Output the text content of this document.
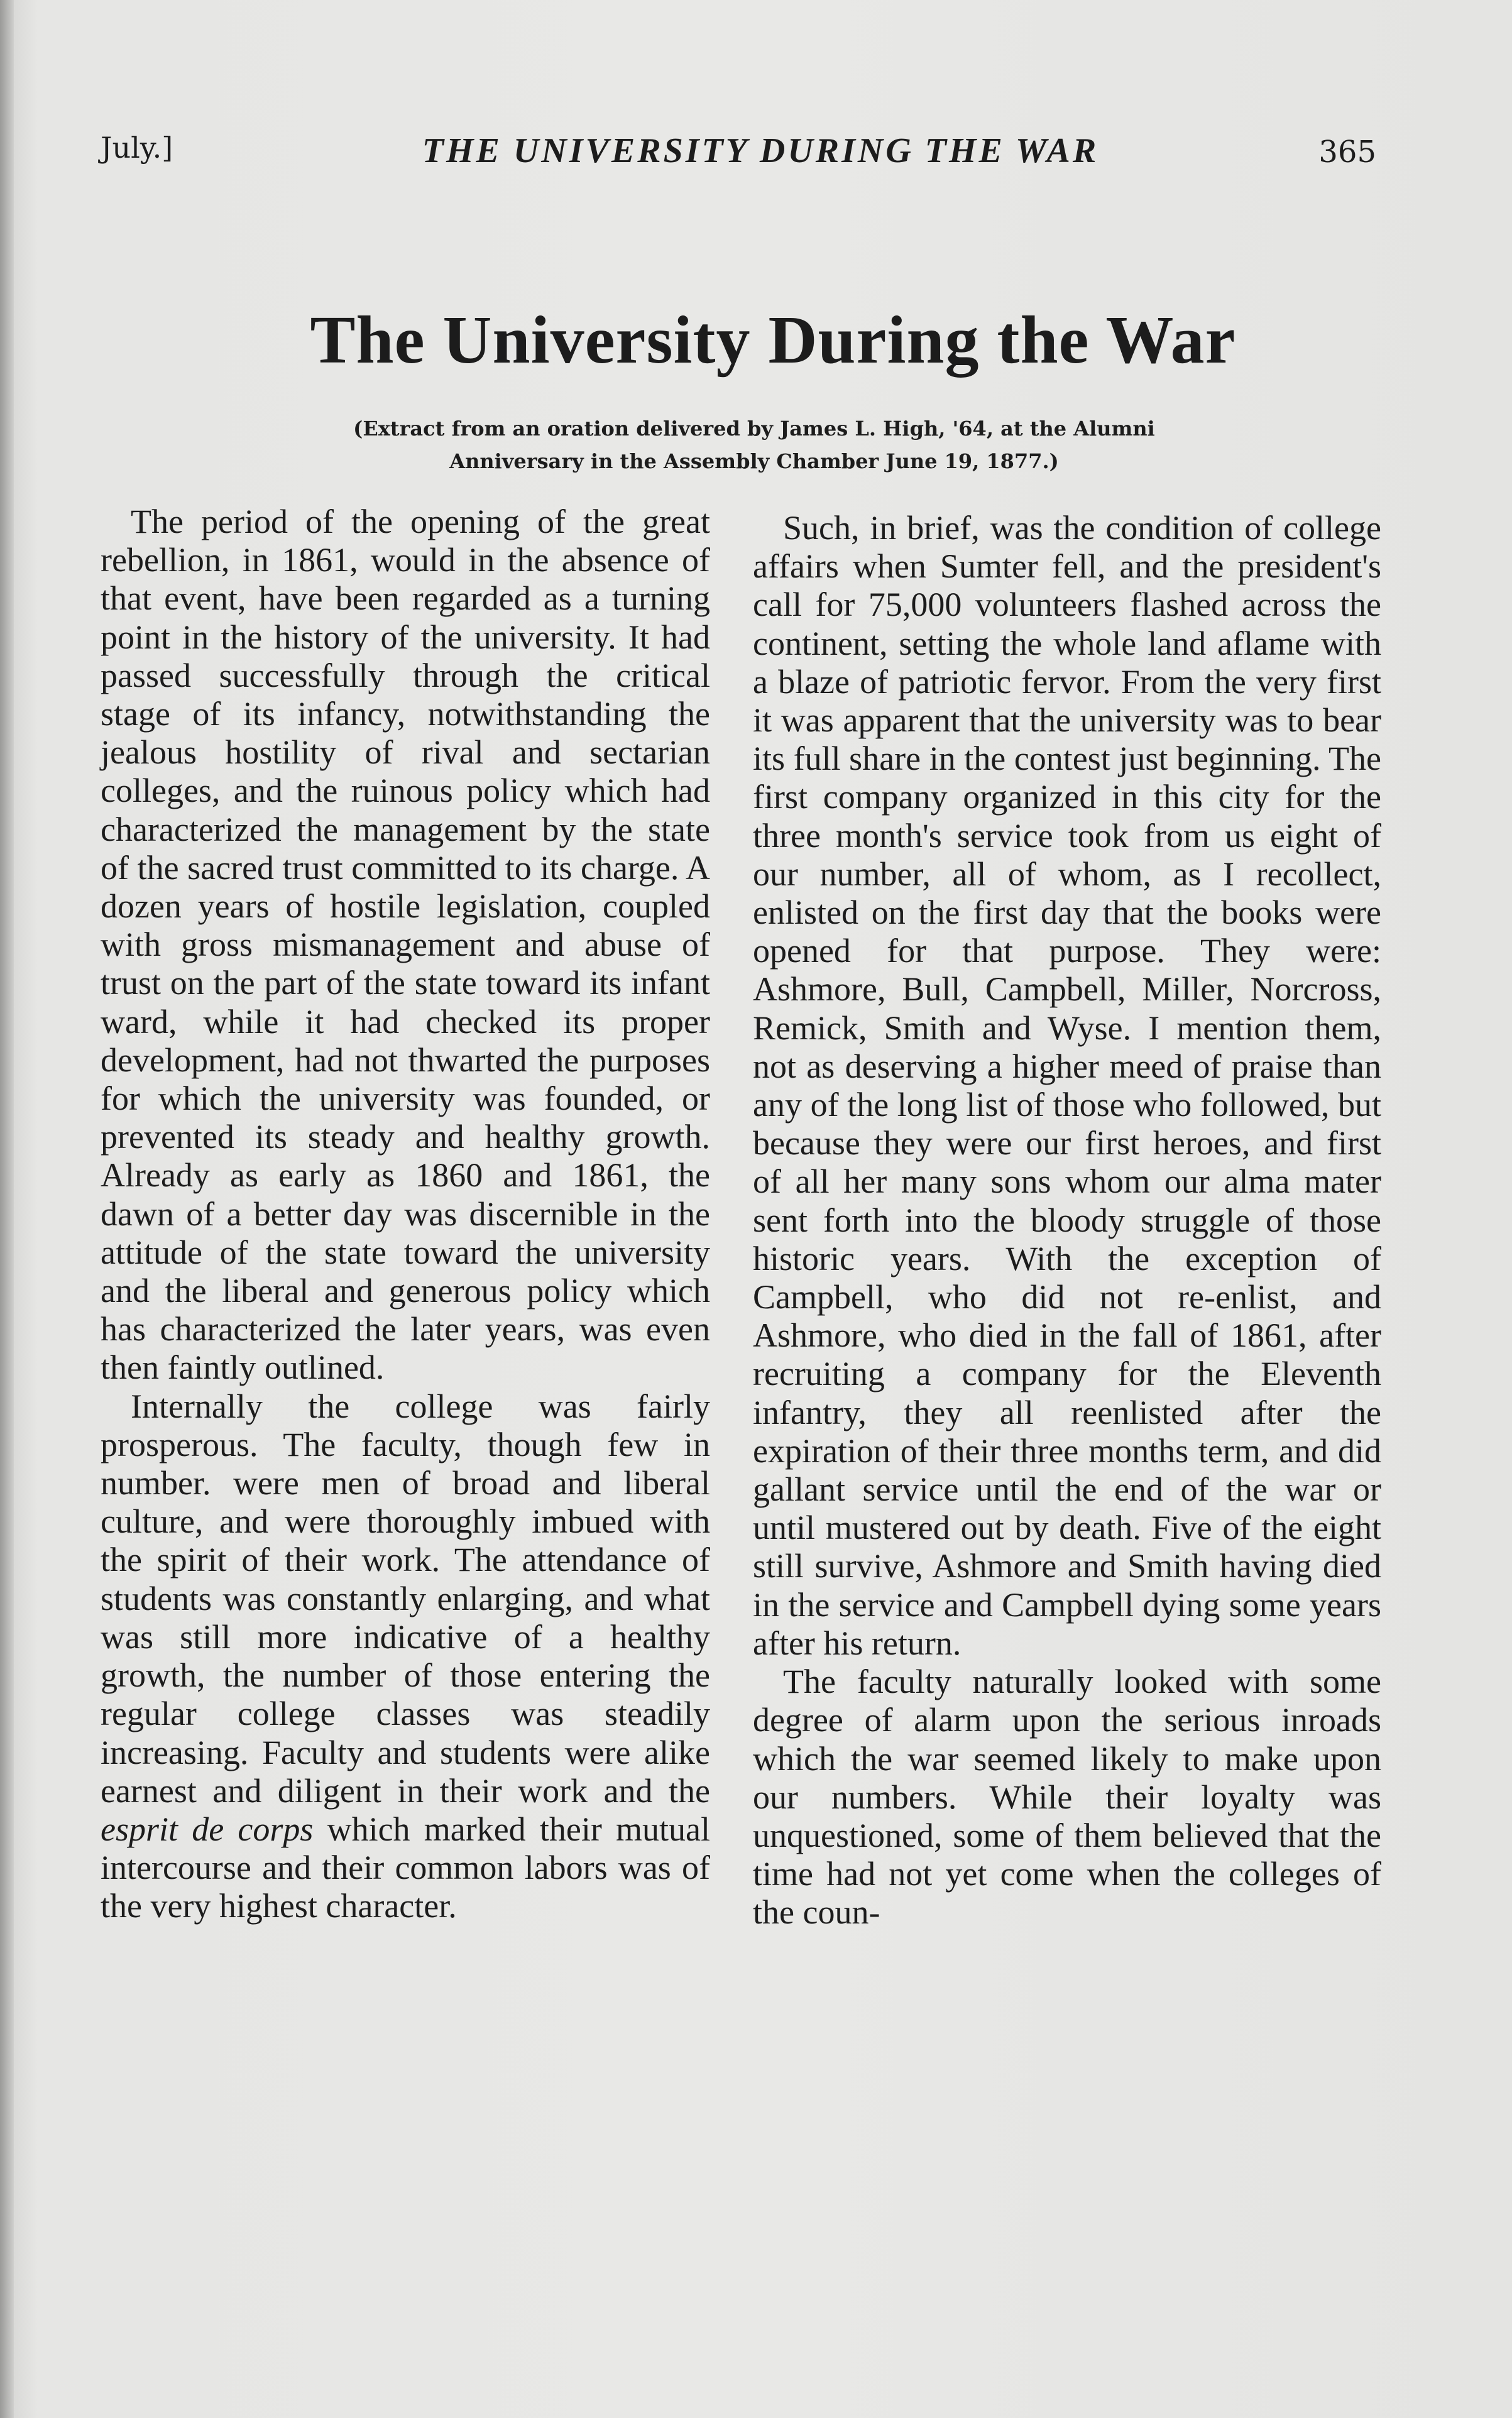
July.]	THE UNIVERSITY DURING THE WAR	365
The University During the War
(Extract from an oration delivered by James L. High, '64, at the Alumni
Anniversary in the Assembly Chamber June 19, 1877.)

The period of the opening of the great rebellion, in 1861, would in the absence of that event, have been regarded as a turning point in the history of the university. It had passed successfully through the critical stage of its infancy, notwithstanding the jealous hostility of rival and sectarian colleges, and the ruinous policy which had characterized the management by the state of the sacred trust committed to its charge. A dozen years of hostile legislation, coupled with gross mismanagement and abuse of trust on the part of the state toward its infant ward, while it had checked its proper development, had not thwarted the purposes for which the university was founded, or prevented its steady and healthy growth. Already as early as 1860 and 1861, the dawn of a better day was discernible in the attitude of the state toward the university and the liberal and generous policy which has characterized the later years, was even then faintly outlined.

Internally the college was fairly prosperous. The faculty, though few in number. were men of broad and liberal culture, and were thoroughly imbued with the spirit of their work. The attendance of students was constantly enlarging, and what was still more indicative of a healthy growth, the number of those entering the regular college classes was steadily increasing. Faculty and students were alike earnest and diligent in their work and the esprit de corps which marked their mutual intercourse and their common labors was of the very highest character.

Such, in brief, was the condition of college affairs when Sumter fell, and the president's call for 75,000 volunteers flashed across the continent, setting the whole land aflame with a blaze of patriotic fervor. From the very first it was apparent that the university was to bear its full share in the contest just beginning. The first company organized in this city for the three month's service took from us eight of our number, all of whom, as I recollect, enlisted on the first day that the books were opened for that purpose. They were: Ashmore, Bull, Campbell, Miller, Norcross, Remick, Smith and Wyse. I mention them, not as deserving a higher meed of praise than any of the long list of those who followed, but because they were our first heroes, and first of all her many sons whom our alma mater sent forth into the bloody struggle of those historic years. With the exception of Campbell, who did not re-enlist, and Ashmore, who died in the fall of 1861, after recruiting a company for the Eleventh infantry, they all reenlisted after the expiration of their three months term, and did gallant service until the end of the war or until mustered out by death. Five of the eight still survive, Ashmore and Smith having died in the service and Campbell dying some years after his return.

The faculty naturally looked with some degree of alarm upon the serious inroads which the war seemed likely to make upon our numbers. While their loyalty was unquestioned, some of them believed that the time had not yet come when the colleges of the coun-
